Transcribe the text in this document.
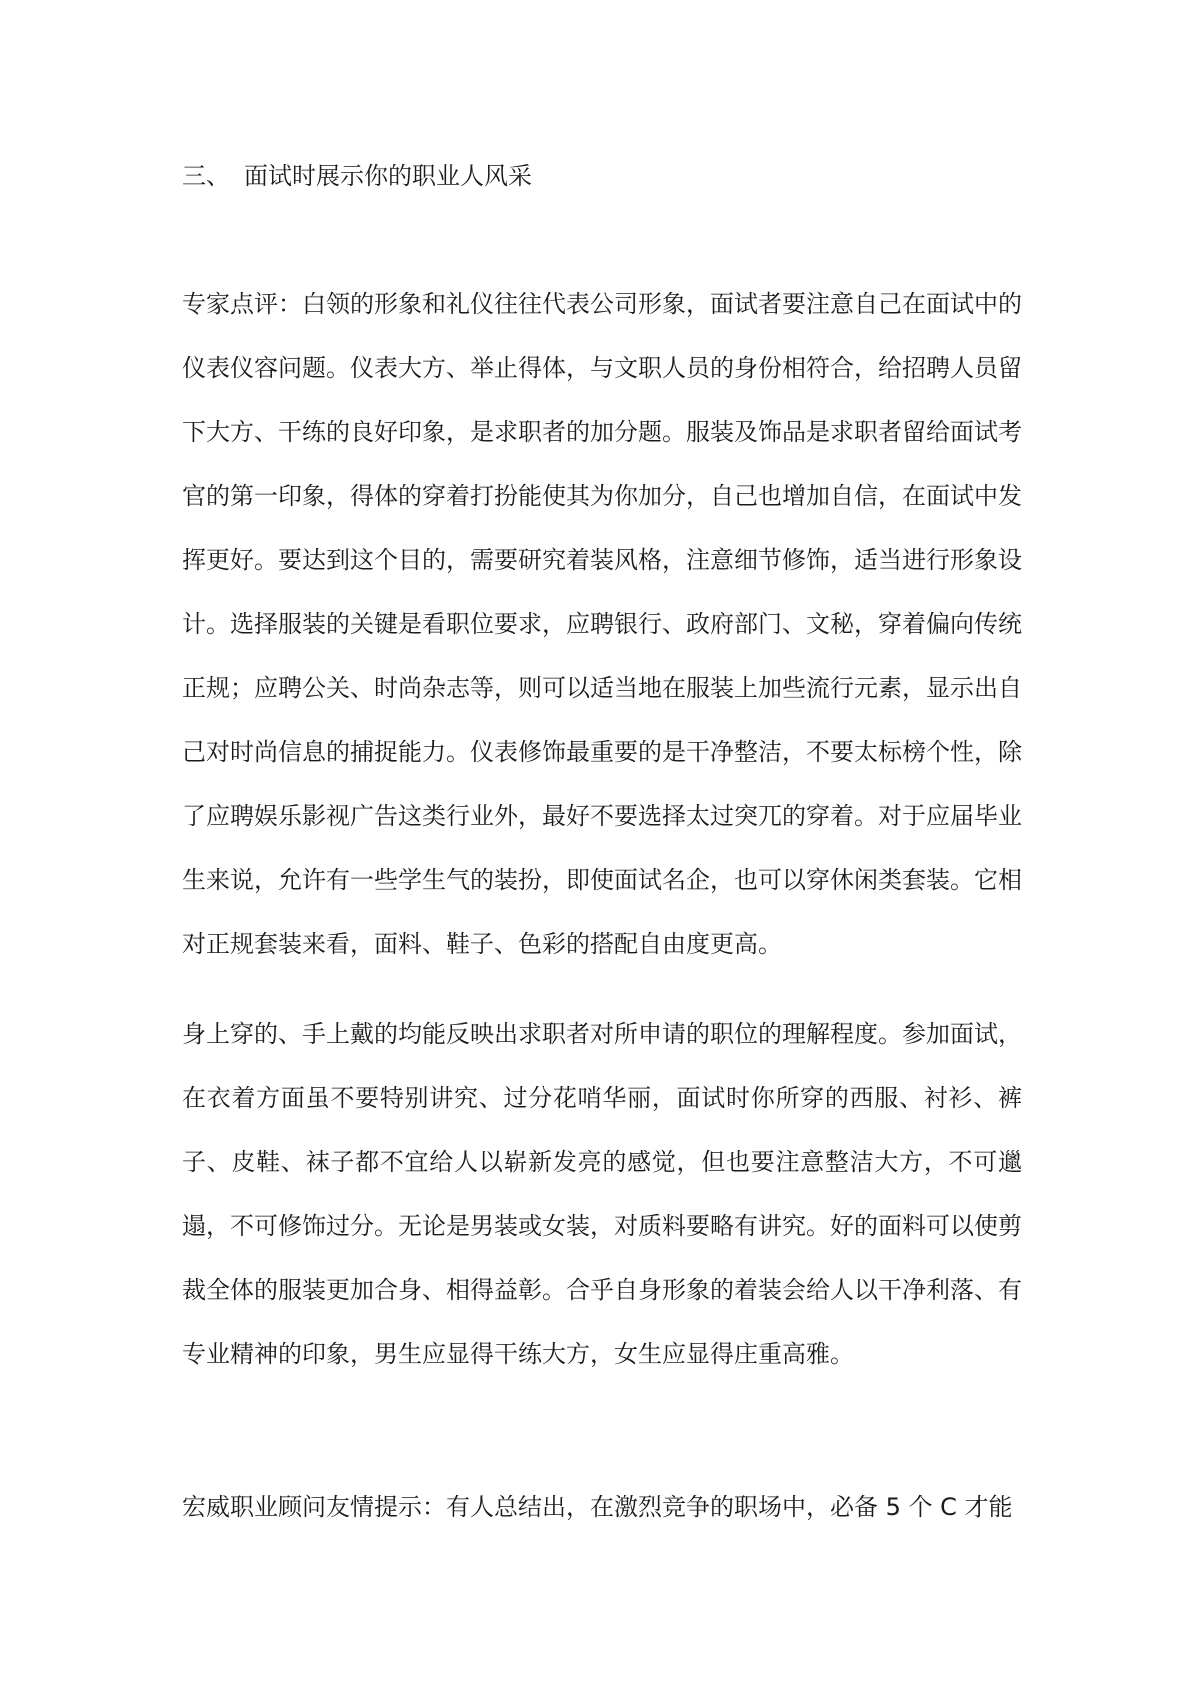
三、 面试时展示你的职业人风采

专家点评：白领的形象和礼仪往往代表公司形象，面试者要注意自己在面试中的仪表仪容问题。仪表大方、举止得体，与文职人员的身份相符合，给招聘人员留下大方、干练的良好印象，是求职者的加分题。服装及饰品是求职者留给面试考官的第一印象，得体的穿着打扮能使其为你加分，自己也增加自信，在面试中发挥更好。要达到这个目的，需要研究着装风格，注意细节修饰，适当进行形象设计。选择服装的关键是看职位要求，应聘银行、政府部门、文秘，穿着偏向传统正规；应聘公关、时尚杂志等，则可以适当地在服装上加些流行元素，显示出自己对时尚信息的捕捉能力。仪表修饰最重要的是干净整洁，不要太标榜个性，除了应聘娱乐影视广告这类行业外，最好不要选择太过突兀的穿着。对于应届毕业生来说，允许有一些学生气的装扮，即使面试名企，也可以穿休闲类套装。它相对正规套装来看，面料、鞋子、色彩的搭配自由度更高。

身上穿的、手上戴的均能反映出求职者对所申请的职位的理解程度。参加面试，在衣着方面虽不要特别讲究、过分花哨华丽，面试时你所穿的西服、衬衫、裤子、皮鞋、袜子都不宜给人以崭新发亮的感觉，但也要注意整洁大方，不可邋遢，不可修饰过分。无论是男装或女装，对质料要略有讲究。好的面料可以使剪裁全体的服装更加合身、相得益彰。合乎自身形象的着装会给人以干净利落、有专业精神的印象，男生应显得干练大方，女生应显得庄重高雅。

宏威职业顾问友情提示：有人总结出，在激烈竞争的职场中，必备 5 个 C 才能
